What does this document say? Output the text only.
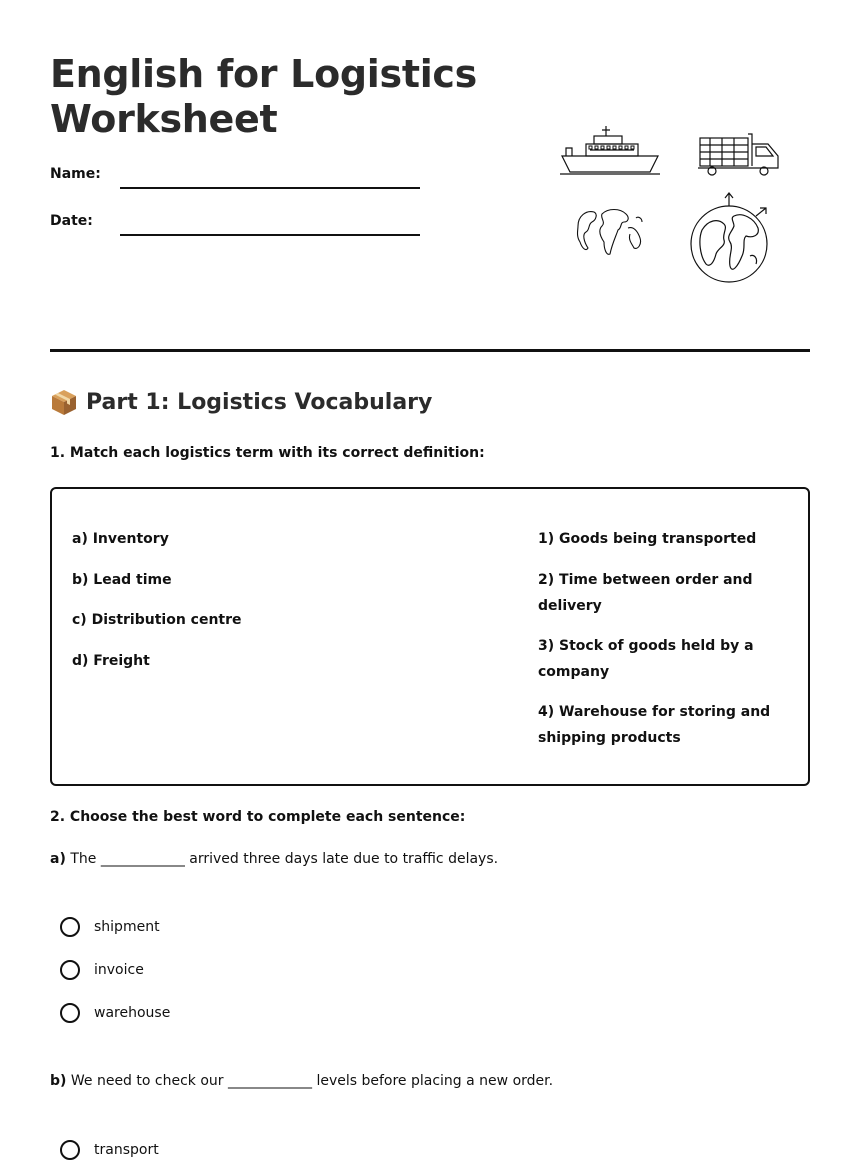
English for Logistics
Worksheet
Name:
Date:
Part 1: Logistics Vocabulary
1. Match each logistics term with its correct definition:
a) Inventory
b) Lead time
c) Distribution centre
d) Freight
1) Goods being transported
2) Time between order and delivery
3) Stock of goods held by a company
4) Warehouse for storing and shipping products
2. Choose the best word to complete each sentence:
a) The ____________ arrived three days late due to traffic delays.
shipment
invoice
warehouse
b) We need to check our ____________ levels before placing a new order.
transport
